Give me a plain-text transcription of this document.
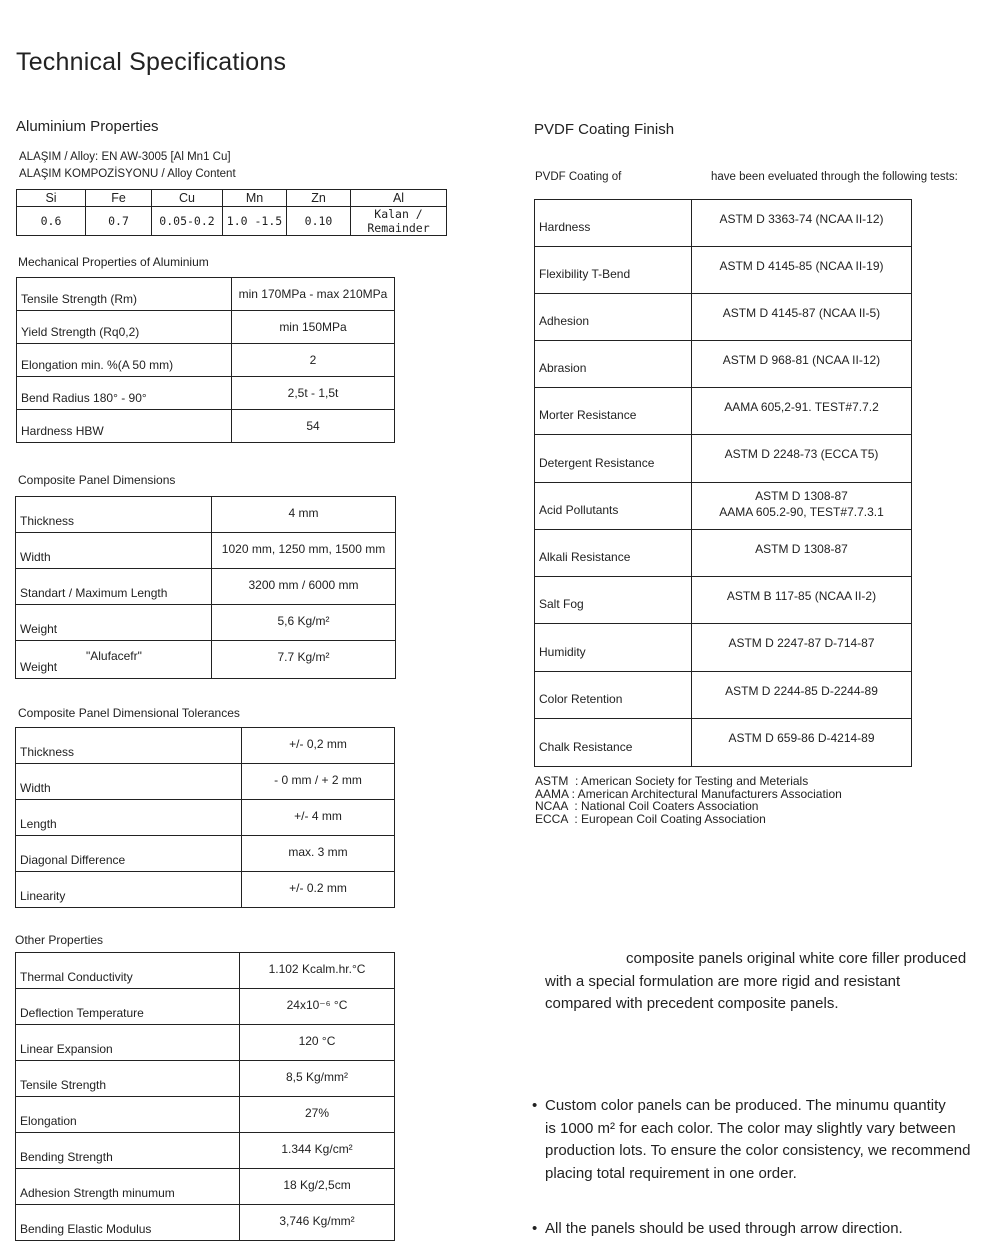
Technical Specifications
Aluminium Properties
ALAŞIM / Alloy: EN AW-3005 [Al Mn1 Cu]
ALAŞIM KOMPOZİSYONU / Alloy Content
Si	Fe	Cu	Mn	Zn	Al
0.6	0.7	0.05-0.2	1.0 -1.5	0.10	Kalan / Remainder
Mechanical Properties of Aluminium
Tensile Strength (Rm)	min 170MPa - max 210MPa
Yield Strength (Rq0,2)	min 150MPa
Elongation min. %(A 50 mm)	2
Bend Radius 180° - 90°	2,5t - 1,5t
Hardness HBW	54
Composite Panel Dimensions
Thickness	4 mm
Width	1020 mm, 1250 mm, 1500 mm
Standart / Maximum Length	3200 mm / 6000 mm
Weight	5,6 Kg/m²
Weight
"Alufacefr"	7.7 Kg/m²
Composite Panel Dimensional Tolerances
Thickness	+/- 0,2 mm
Width	- 0 mm / + 2 mm
Length	+/- 4 mm
Diagonal Difference	max. 3 mm
Linearity	+/- 0.2 mm
Other Properties
Thermal Conductivity	1.102 Kcalm.hr.°C
Deflection Temperature	24x10⁻⁶ °C
Linear Expansion	120 °C
Tensile Strength	8,5 Kg/mm²
Elongation	27%
Bending Strength	1.344 Kg/cm²
Adhesion Strength minumum	18 Kg/2,5cm
Bending Elastic Modulus	3,746 Kg/mm²
PVDF Coating Finish
PVDF Coating of	have been eveluated through the following tests:
Hardness	ASTM D 3363-74 (NCAA II-12)
Flexibility T-Bend	ASTM D 4145-85 (NCAA II-19)
Adhesion	ASTM D 4145-87 (NCAA II-5)
Abrasion	ASTM D 968-81 (NCAA II-12)
Morter Resistance	AAMA 605,2-91. TEST#7.7.2
Detergent Resistance	ASTM D 2248-73 (ECCA T5)
Acid Pollutants	ASTM D 1308-87
AAMA 605.2-90, TEST#7.7.3.1

Alkali Resistance	ASTM D 1308-87
Salt Fog	ASTM B 117-85 (NCAA II-2)
Humidity	ASTM D 2247-87 D-714-87
Color Retention	ASTM D 2244-85 D-2244-89
Chalk Resistance	ASTM D 659-86 D-4214-89
ASTM  : American Society for Testing and Meterials
AAMA : American Architectural Manufacturers Association
NCAA  : National Coil Coaters Association
ECCA  : European Coil Coating Association
composite panels original white core filler produced
with a special formulation are more rigid and resistant
compared with precedent composite panels.
• Custom color panels can be produced. The minumu quantity
is 1000 m² for each color. The color may slightly vary between
production lots. To ensure the color consistency, we recommend
placing total requirement in one order.
• All the panels should be used through arrow direction.
